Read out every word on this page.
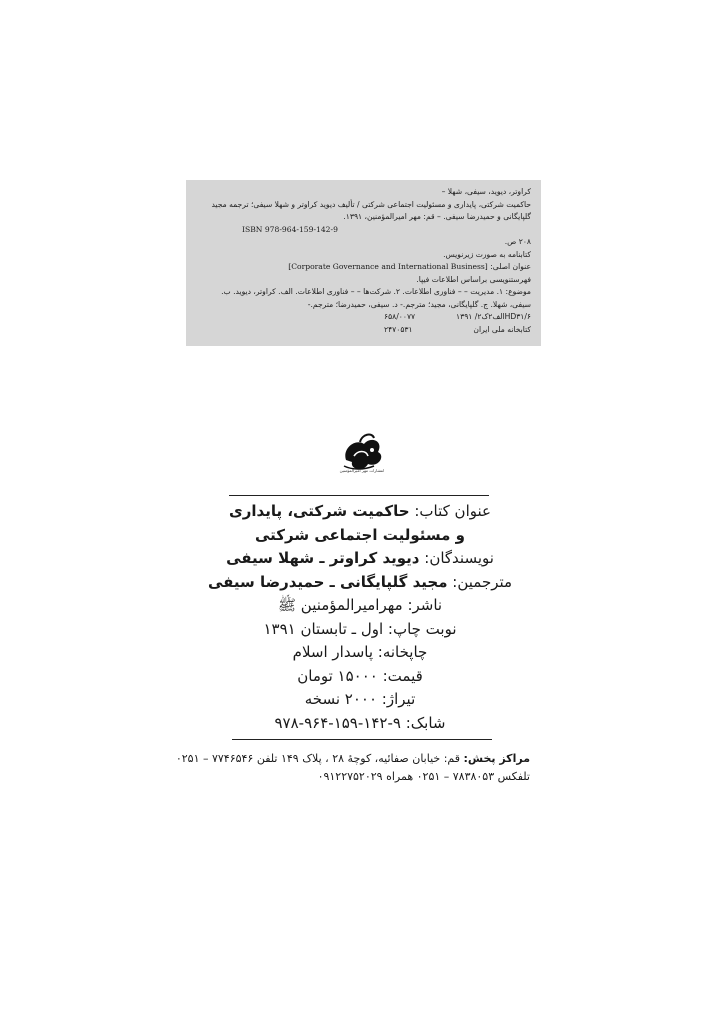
کراوتر، دیوید، سیفی، شهلا –
حاکمیت شرکتی، پایداری و مسئولیت اجتماعی شرکتی / تألیف دیوید کراوتر و شهلا سیفی؛ ترجمه مجید
گلپایگانی و حمیدرضا سیفی. – قم: مهر امیرالمؤمنین، ۱۳۹۱.
ISBN 978-964-159-142-9
۲۰۸ ص.
کتابنامه به صورت زیرنویس.
عنوان اصلی: [Corporate Governance and International Business]
فهرستنویسی براساس اطلاعات فیپا.
موضوع: ۱. مدیریت – – فناوری اطلاعات. ۲. شرکت‌ها – – فناوری اطلاعات. الف. کراوتر، دیوید. ب.
سیفی، شهلا. ج. گلپایگانی، مجید؛ مترجم.- د. سیفی، حمیدرضا؛ مترجم.-
HD۳۱/۶الف۲ک۲/ ۱۳۹۱
۶۵۸/۰۰۷۷
کتابخانه ملی ایران
۲۴۷۰۵۳۱
انتشارات مهر امیرالمؤمنین
عنوان کتاب: حاکمیت شرکتی، پایداری
و مسئولیت اجتماعی شرکتی
نویسندگان: دیوید کراوتر ـ شهلا سیفی
مترجمین: مجید گلپایگانی ـ حمیدرضا سیفی
ناشر: مهرامیرالمؤمنین ﷺ
نوبت چاپ: اول ـ تابستان ۱۳۹۱
چاپخانه: پاسدار اسلام
قیمت: ۱۵۰۰۰ تومان
تیراژ: ۲۰۰۰ نسخه
شابک: ۹-۱۴۲-۱۵۹-۹۶۴-۹۷۸
مراکز پخش: قم: خیابان صفائیه، کوچهٔ ۲۸ ، پلاک ۱۴۹ تلفن ۷۷۴۶۵۴۶ – ۰۲۵۱
تلفکس ۷۸۳۸۰۵۳ – ۰۲۵۱ همراه ۰۹۱۲۲۷۵۲۰۲۹
